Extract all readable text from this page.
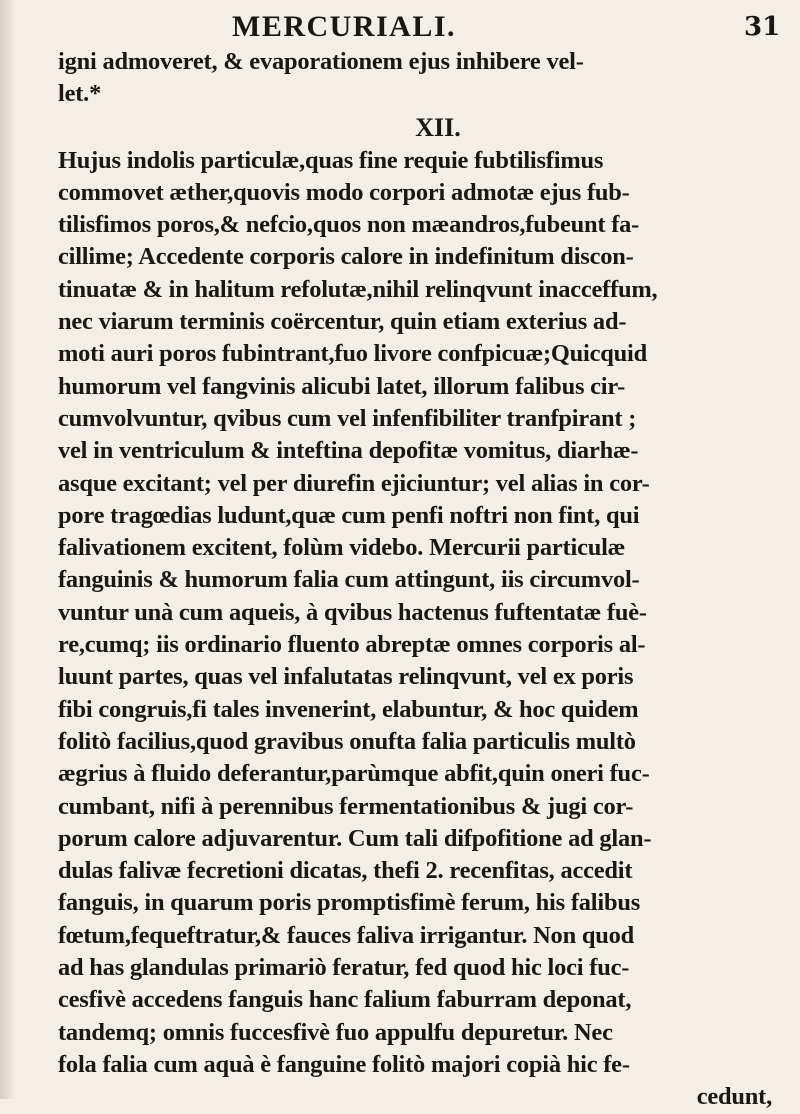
MERCURIALI.	31
igni admoveret, & evaporationem ejus inhibere vel-
let.*
XII.
Hujus indolis particulæ,quas fine requie fubtilisfimus
commovet æther,quovis modo corpori admotæ ejus fub-
tilisfimos poros,& nefcio,quos non mæandros,fubeunt fa-
cillime; Accedente corporis calore in indefinitum discon-
tinuatæ & in halitum refolutæ,nihil relinqvunt inacceffum,
nec viarum terminis coërcentur, quin etiam exterius ad-
moti auri poros fubintrant,fuo livore confpicuæ;Quicquid
humorum vel fangvinis alicubi latet, illorum falibus cir-
cumvolvuntur, qvibus cum vel infenfibiliter tranfpirant ;
vel in ventriculum & inteftina depofitæ vomitus, diarhæ-
asque excitant; vel per diurefin ejiciuntur; vel alias in cor-
pore tragœdias ludunt,quæ cum penfi noftri non fint, qui
falivationem excitent, folùm videbo. Mercurii particulæ
fanguinis & humorum falia cum attingunt, iis circumvol-
vuntur unà cum aqueis, à qvibus hactenus fuftentatæ fuè-
re,cumq; iis ordinario fluento abreptæ omnes corporis al-
luunt partes, quas vel infalutatas relinqvunt, vel ex poris
fibi congruis,fi tales invenerint, elabuntur, & hoc quidem
folitò facilius,quod gravibus onufta falia particulis multò
ægrius à fluido deferantur,parùmque abfit,quin oneri fuc-
cumbant, nifi à perennibus fermentationibus & jugi cor-
porum calore adjuvarentur. Cum tali difpofitione ad glan-
dulas falivæ fecretioni dicatas, thefi 2. recenfitas, accedit
fanguis, in quarum poris promptisfimè ferum, his falibus
fœtum,fequeftratur,& fauces faliva irrigantur. Non quod
ad has glandulas primariò feratur, fed quod hic loci fuc-
cesfivè accedens fanguis hanc falium faburram deponat,
tandemq; omnis fuccesfivè fuo appulfu depuretur. Nec
fola falia cum aquà è fanguine folitò majori copià hic fe-
cedunt,
